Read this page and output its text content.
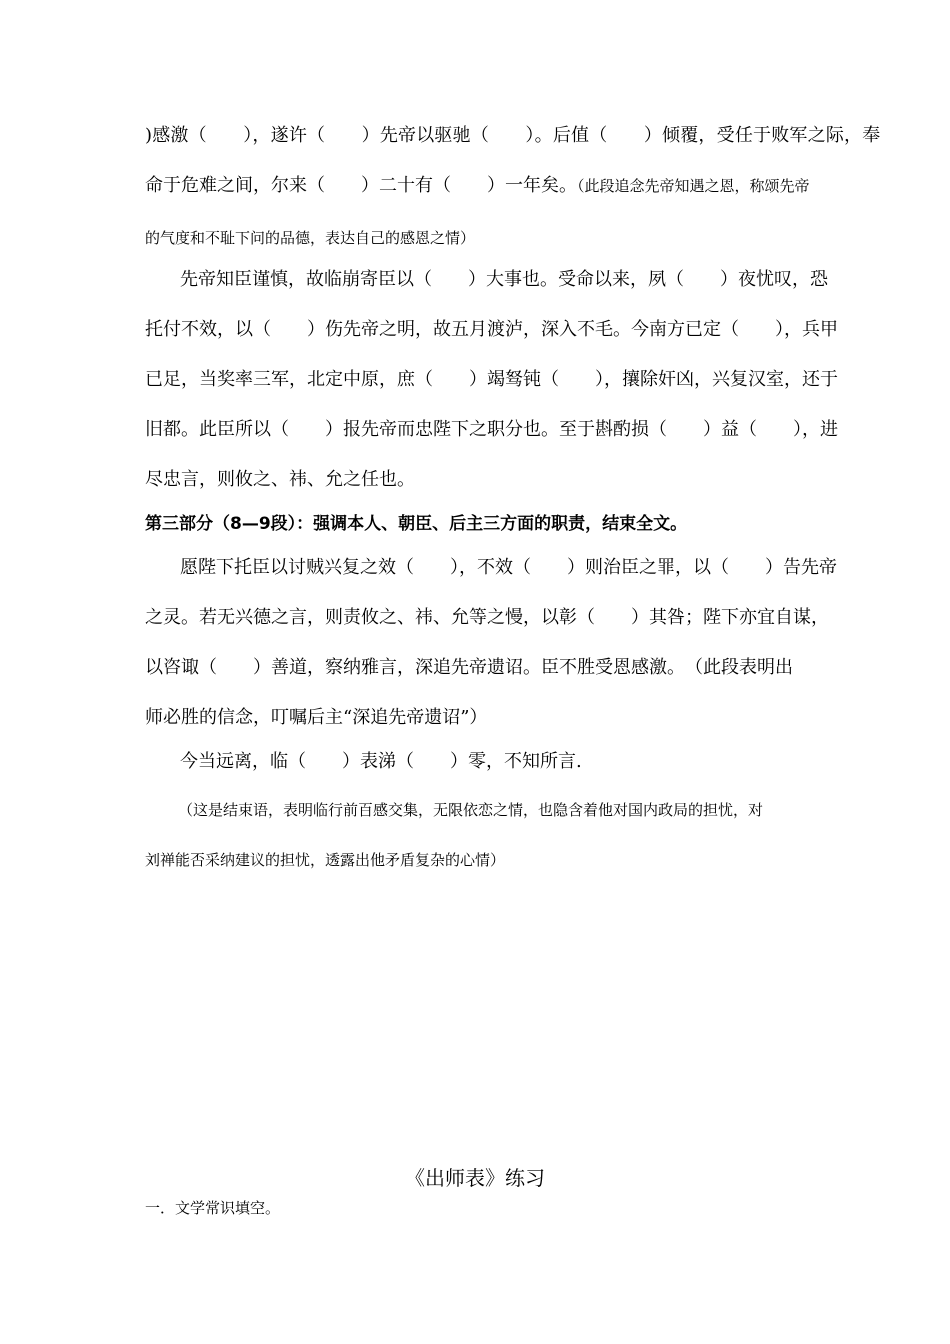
)感激（　　），遂许（　　）先帝以驱驰（　　）。后值（　　）倾覆，受任于败军之际，奉
命于危难之间，尔来（　　）二十有（　　）一年矣。（此段追念先帝知遇之恩，称颂先帝
的气度和不耻下问的品德，表达自己的感恩之情）
先帝知臣谨慎，故临崩寄臣以（　　）大事也。受命以来，夙（　　）夜忧叹，恐
托付不效，以（　　）伤先帝之明，故五月渡泸，深入不毛。今南方已定（　　），兵甲
已足，当奖率三军，北定中原，庶（　　）竭驽钝（　　），攘除奸凶，兴复汉室，还于
旧都。此臣所以（　　）报先帝而忠陛下之职分也。至于斟酌损（　　）益（　　），进
尽忠言，则攸之、祎、允之任也。
第三部分（8—9段）：强调本人、朝臣、后主三方面的职责，结束全文。
愿陛下托臣以讨贼兴复之效（　　），不效（　　）则治臣之罪，以（　　）告先帝
之灵。若无兴德之言，则责攸之、祎、允等之慢，以彰（　　）其咎；陛下亦宜自谋，
以咨诹（　　）善道，察纳雅言，深追先帝遗诏。臣不胜受恩感激。　（此段表明出
师必胜的信念，叮嘱后主“深追先帝遗诏”）
今当远离，临（　　）表涕（　　）零，不知所言.
（这是结束语，表明临行前百感交集，无限依恋之情，也隐含着他对国内政局的担忧，对
刘禅能否采纳建议的担忧，透露出他矛盾复杂的心情）
《出师表》练习
一．文学常识填空。
